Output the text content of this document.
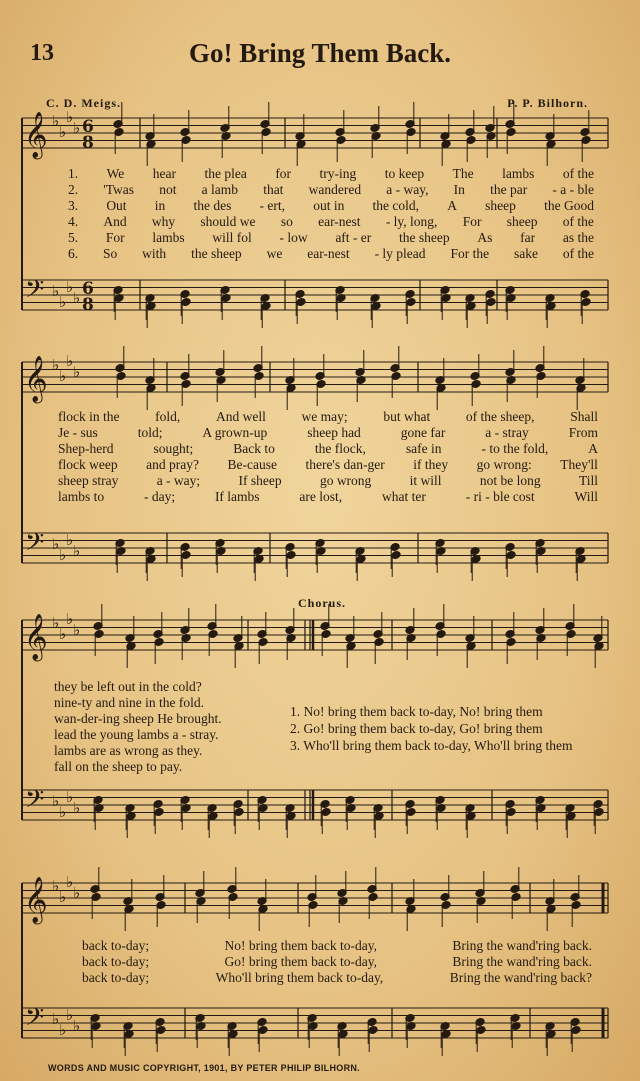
𝄞
𝄢
♭
♭
♭
♭
♭
♭
♭
♭
6
8
6
8
𝄞
𝄢
♭
♭
♭
♭
♭
♭
♭
♭
𝄞
𝄢
♭
♭
♭
♭
♭
♭
♭
♭
𝄞
𝄢
♭
♭
♭
♭
♭
♭
♭
♭
13	Go! Bring Them Back.
C. D. Meigs.	P. P. Bilhorn.
1. We hear the plea for try-ing to keep The lambs of the
2. 'Twas not a lamb that wandered a - way, In the par - a - ble
3. Out in the des - ert, out in the cold, A sheep the Good
4. And why should we so ear-nest - ly, long, For sheep of the
5. For lambs will fol - low aft - er the sheep As far as the
6. So with the sheep we ear-nest - ly plead For the sake of the
flock in the	fold,	And well	we may;	but what	of the sheep,	Shall
Je - sus	told;	A grown-up	sheep had	gone far	a - stray	From
Shep-herd	sought;	Back to	the flock,	safe in	- to the fold,	A
flock weep and pray? Be-cause there's dan-ger if they go wrong: They'll
sheep stray	a - way;	If sheep	go wrong	it will	not be long	Till
lambs to	- day;	If lambs	are lost,	what ter	- ri - ble cost	Will
Chorus.
they be left out in the cold?
nine-ty and nine in the fold.
wan-der-ing sheep He brought.
lead the young lambs a - stray.
lambs are as wrong as they.
fall on the sheep to pay.
1. No! bring them back to-day, No! bring them
2. Go! bring them back to-day, Go! bring them
3. Who'll bring them back to-day, Who'll bring them
back to-day;	No! bring them back to-day,	Bring the wand'ring back.
back to-day;	Go! bring them back to-day,	Bring the wand'ring back.
back to-day;	Who'll bring them back to-day,	Bring the wand'ring back?
WORDS AND MUSIC COPYRIGHT, 1901, BY PETER PHILIP BILHORN.
